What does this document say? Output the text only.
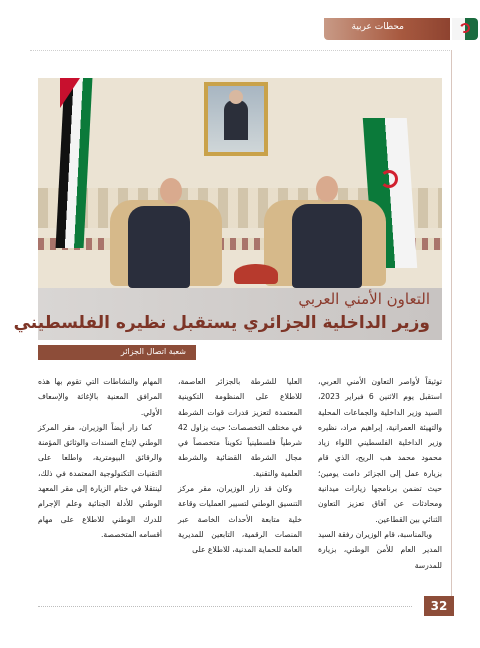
محطات عربية
التعاون الأمني العربي
وزير الداخلية الجزائري يستقبل نظيره الفلسطيني
شعبة اتصال الجزائر

توثيقاً لأواصر التعاون الأمني العربي، استقبل يوم الاثنين 6 فبراير 2023، السيد وزير الداخلية والجماعات المحلية والتهيئة العمرانية، إبراهيم مراد، نظيره وزير الداخلية الفلسطيني اللواء زياد محمود محمد هب الريح، الذي قام بزيارة عمل إلى الجزائر دامت يومين؛ حيث تضمن برنامجها زيارات ميدانية ومحادثات عن آفاق تعزيز التعاون الثنائي بين القطاعين.

وبالمناسبة، قام الوزيران رفقة السيد المدير العام للأمن الوطني، بزيارة للمدرسة

العليا للشرطة بالجزائر العاصمة، للاطلاع على المنظومة التكوينية المعتمدة لتعزيز قدرات قوات الشرطة في مختلف التخصصات؛ حيث يزاول 42 شرطياً فلسطينياً تكويناً متخصصاً في مجال الشرطة القضائية والشرطة العلمية والتقنية.

وكان قد زار الوزيران، مقر مركز التنسيق الوطني لتسيير العمليات وقاعة خلية متابعة الأحداث الخاصة عبر المنصات الرقمية، التابعين للمديرية العامة للحماية المدنية، للاطلاع على

المهام والنشاطات التي تقوم بها هذه المرافق المعنية بالإغاثة والإسعاف الأولي.

كما زار أيضاً الوزيران، مقر المركز الوطني لإنتاج السندات والوثائق المؤمنة والرقائق البيومترية، واطلعا على التقنيات التكنولوجية المعتمدة في ذلك، لينتقلا في ختام الزيارة إلى مقر المعهد الوطني للأدلة الجنائية وعلم الإجرام للدرك الوطني للاطلاع على مهام أقسامه المتخصصة.

32
